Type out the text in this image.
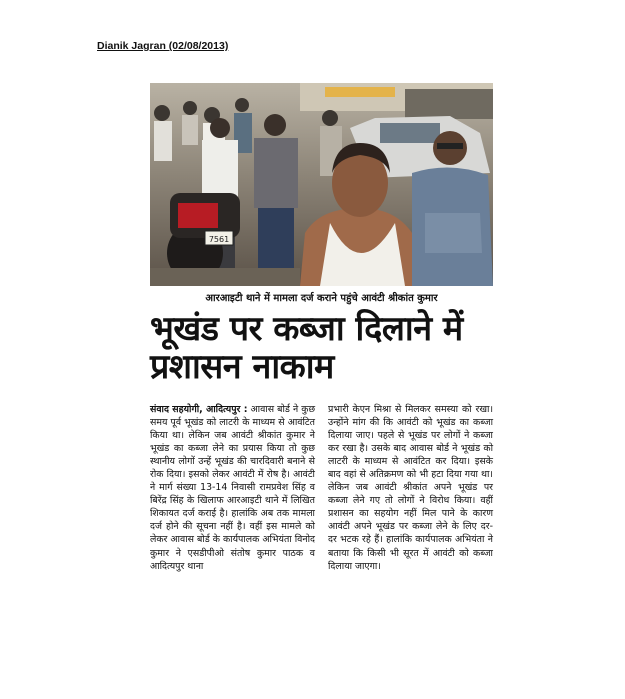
Dianik Jagran (02/08/2013)
7561
आरआइटी थाने में मामला दर्ज कराने पहुंचे आवंटी श्रीकांत कुमार
भूखंड पर कब्जा दिलाने में
प्रशासन नाकाम
संवाद सहयोगी, आदित्यपुर : आवास बोर्ड ने कुछ समय पूर्व भूखंड को लाटरी के माध्यम से आवंटित किया था। लेकिन जब आवंटी श्रीकांत कुमार ने भूखंड का कब्जा लेने का प्रयास किया तो कुछ स्थानीय लोगों उन्हें भूखंड की चारदिवारी बनाने से रोक दिया। इसको लेकर आवंटी में रोष है। आवंटी ने मार्ग संख्या 13-14 निवासी रामप्रवेश सिंह व बिरेंद्र सिंह के खिलाफ आरआइटी थाने में लिखित शिकायत दर्ज कराई है। हालांकि अब तक मामला दर्ज होने की सूचना नहीं है। वहीं इस मामले को लेकर आवास बोर्ड के कार्यपालक अभियंता विनोद कुमार ने एसडीपीओ संतोष कुमार पाठक व आदित्यपुर थाना
प्रभारी केएन मिश्रा से मिलकर समस्या को रखा। उन्होंने मांग की कि आवंटी को भूखंड का कब्जा दिलाया जाए। पहले से भूखंड पर लोगों ने कब्जा कर रखा है। उसके बाद आवास बोर्ड ने भूखंड को लाटरी के माध्यम से आवंटित कर दिया। इसके बाद वहां से अतिक्रमण को भी हटा दिया गया था। लेकिन जब आवंटी श्रीकांत अपने भूखंड पर कब्जा लेने गए तो लोगों ने विरोध किया। वहीं प्रशासन का सहयोग नहीं मिल पाने के कारण आवंटी अपने भूखंड पर कब्जा लेने के लिए दर-दर भटक रहे हैं। हालांकि कार्यपालक अभियंता ने बताया कि किसी भी सूरत में आवंटी को कब्जा दिलाया जाएगा।
